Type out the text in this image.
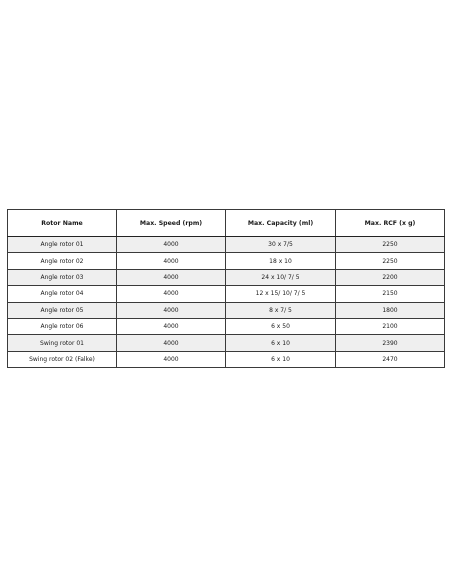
Rotor Name	Max. Speed (rpm)	Max. Capacity (ml)	Max. RCF (x g)
Angle rotor 01	4000	30 x 7/5	2250
Angle rotor 02	4000	18 x 10	2250
Angle rotor 03	4000	24 x 10/ 7/ 5	2200
Angle rotor 04	4000	12 x 15/ 10/ 7/ 5	2150
Angle rotor 05	4000	8 x 7/ 5	1800
Angle rotor 06	4000	6 x 50	2100
Swing rotor 01	4000	6 x 10	2390
Swing rotor 02 (Falke)	4000	6 x 10	2470
